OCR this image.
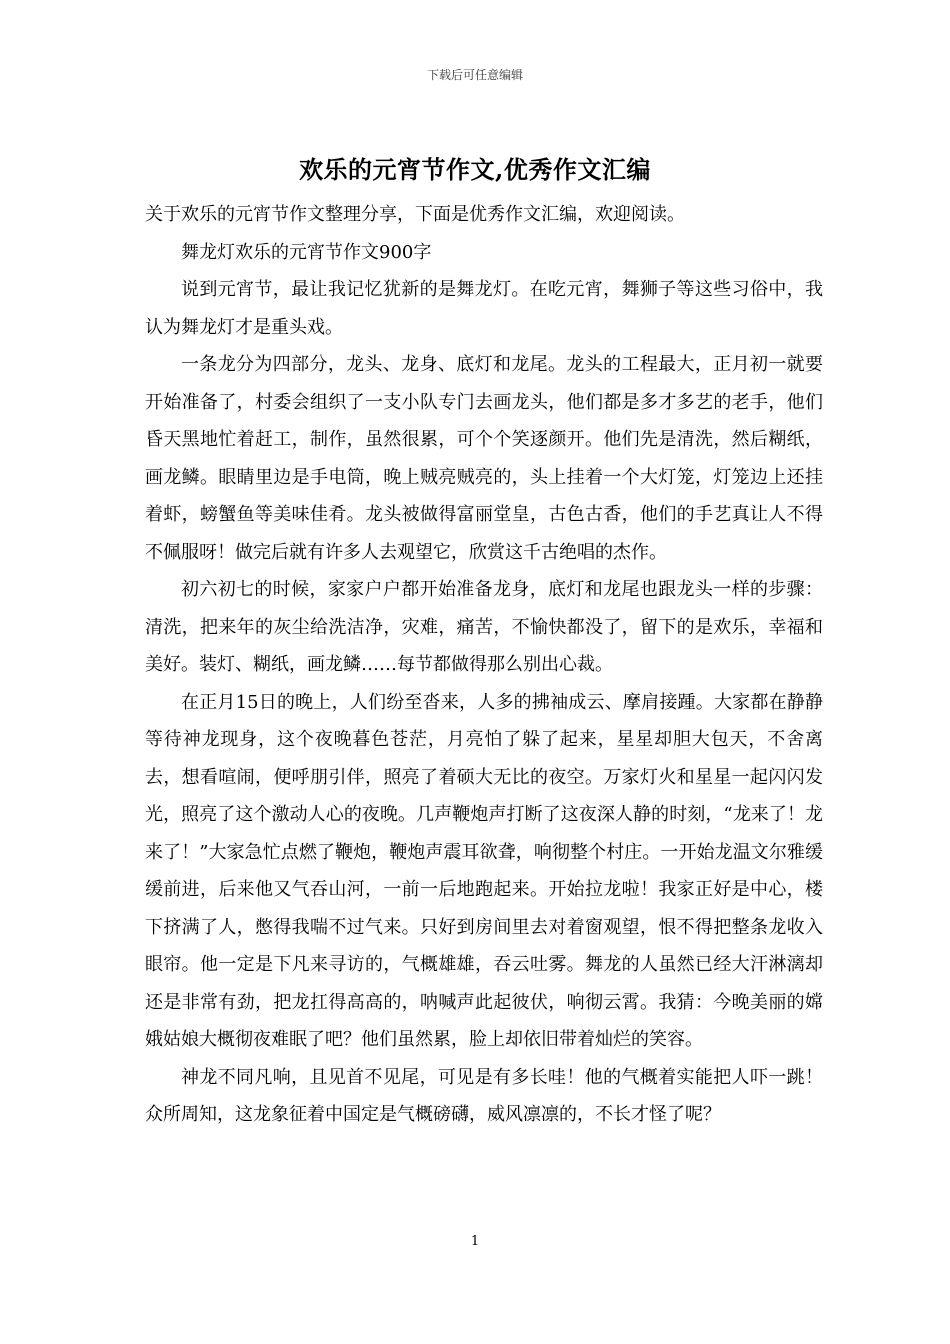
下载后可任意编辑
欢乐的元宵节作文,优秀作文汇编

关于欢乐的元宵节作文整理分享，下面是优秀作文汇编，欢迎阅读。

舞龙灯欢乐的元宵节作文900字

说到元宵节，最让我记忆犹新的是舞龙灯。在吃元宵，舞狮子等这些习俗中，我认为舞龙灯才是重头戏。

一条龙分为四部分，龙头、龙身、底灯和龙尾。龙头的工程最大，正月初一就要开始准备了，村委会组织了一支小队专门去画龙头，他们都是多才多艺的老手，他们昏天黑地忙着赶工，制作，虽然很累，可个个笑逐颜开。他们先是清洗，然后糊纸，画龙鳞。眼睛里边是手电筒，晚上贼亮贼亮的，头上挂着一个大灯笼，灯笼边上还挂着虾，螃蟹鱼等美味佳肴。龙头被做得富丽堂皇，古色古香，他们的手艺真让人不得不佩服呀！做完后就有许多人去观望它，欣赏这千古绝唱的杰作。

初六初七的时候，家家户户都开始准备龙身，底灯和龙尾也跟龙头一样的步骤：清洗，把来年的灰尘给洗洁净，灾难，痛苦，不愉快都没了，留下的是欢乐，幸福和美好。装灯、糊纸，画龙鳞……每节都做得那么别出心裁。

在正月15日的晚上，人们纷至沓来，人多的拂袖成云、摩肩接踵。大家都在静静等待神龙现身，这个夜晚暮色苍茫，月亮怕了躲了起来，星星却胆大包天，不舍离去，想看喧闹，便呼朋引伴，照亮了着硕大无比的夜空。万家灯火和星星一起闪闪发光，照亮了这个激动人心的夜晚。几声鞭炮声打断了这夜深人静的时刻，“龙来了！龙来了！”大家急忙点燃了鞭炮，鞭炮声震耳欲聋，响彻整个村庄。一开始龙温文尔雅缓缓前进，后来他又气吞山河，一前一后地跑起来。开始拉龙啦！我家正好是中心，楼下挤满了人，憋得我喘不过气来。只好到房间里去对着窗观望，恨不得把整条龙收入眼帘。他一定是下凡来寻访的，气概雄雄，吞云吐雾。舞龙的人虽然已经大汗淋漓却还是非常有劲，把龙扛得高高的，呐喊声此起彼伏，响彻云霄。我猜：今晚美丽的嫦娥姑娘大概彻夜难眠了吧？他们虽然累，脸上却依旧带着灿烂的笑容。

神龙不同凡响，且见首不见尾，可见是有多长哇！他的气概着实能把人吓一跳！众所周知，这龙象征着中国定是气概磅礴，威风凛凛的，不长才怪了呢？

1
